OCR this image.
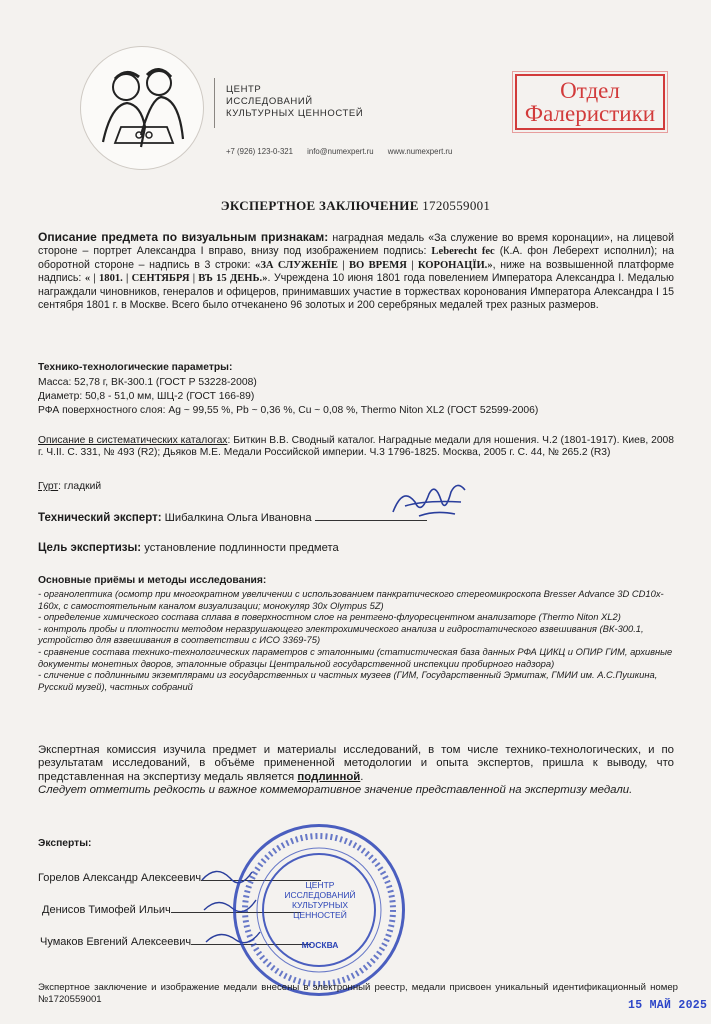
ЦЕНТР
ИССЛЕДОВАНИЙ
КУЛЬТУРНЫХ ЦЕННОСТЕЙ
+7 (926) 123-0-321 info@numexpert.ru www.numexpert.ru
Отдел
Фалеристики
ЭКСПЕРТНОЕ ЗАКЛЮЧЕНИЕ 1720559001
Описание предмета по визуальным признакам: наградная медаль «За служение во время коронации», на лицевой стороне – портрет Александра I вправо, внизу под изображением подпись: Leberecht fec (К.А. фон Леберехт исполнил); на оборотной стороне – надпись в 3 строки: «ЗА СЛУЖЕНЇЕ | ВО ВРЕМЯ | КОРОНАЦЇИ.», ниже на возвышенной платформе надпись: « | 1801. | СЕНТЯБРЯ | ВЪ 15 ДЕНЬ.». Учреждена 10 июня 1801 года повелением Императора Александра I. Медалью награждали чиновников, генералов и офицеров, принимавших участие в торжествах коронования Императора Александра I 15 сентября 1801 г. в Москве. Всего было отчеканено 96 золотых и 200 серебряных медалей трех разных размеров.
Технико-технологические параметры:
Масса: 52,78 г, ВК-300.1 (ГОСТ Р 53228-2008)
Диаметр: 50,8 - 51,0 мм, ШЦ-2 (ГОСТ 166-89)
РФА поверхностного слоя: Ag ~ 99,55 %, Pb ~ 0,36 %, Cu ~ 0,08 %, Thermo Niton XL2 (ГОСТ 52599-2006)
Описание в систематических каталогах: Биткин В.В. Сводный каталог. Наградные медали для ношения. Ч.2 (1801-1917). Киев, 2008 г. Ч.II. С. 331, № 493 (R2); Дьяков М.Е. Медали Российской империи. Ч.3 1796-1825. Москва, 2005 г. С. 44, № 265.2 (R3)
Гурт: гладкий
Технический эксперт: Шибалкина Ольга Ивановна
Цель экспертизы: установление подлинности предмета
Основные приёмы и методы исследования:
- органолептика (осмотр при многократном увеличении с использованием панкратического стереомикроскопа Bresser Advance 3D CD10x-160x, с самостоятельным каналом визуализации; монокуляр 30x Olympus 5Z)
- определение химического состава сплава в поверхностном слое на рентгено-флуоресцентном анализаторе (Thermo Niton XL2)
- контроль пробы и плотности методом неразрушающего электрохимического анализа и гидростатического взвешивания (ВК-300.1, устройство для взвешивания в соответствии с ИСО 3369-75)
- сравнение состава технико-технологических параметров с эталонными (статистическая база данных РФА ЦИКЦ и ОПИР ГИМ, архивные документы монетных дворов, эталонные образцы Центральной государственной инспекции пробирного надзора)
- сличение с подлинными экземплярами из государственных и частных музеев (ГИМ, Государственный Эрмитаж, ГМИИ им. А.С.Пушкина, Русский музей), частных собраний
Экспертная комиссия изучила предмет и материалы исследований, в том числе технико-технологических, и по результатам исследований, в объёме примененной методологии и опыта экспертов, пришла к выводу, что представленная на экспертизу медаль является подлинной.
Следует отметить редкость и важное коммеморативное значение представленной на экспертизу медали.
Эксперты:
Горелов Александр Алексеевич
Денисов Тимофей Ильич
Чумаков Евгений Алексеевич
ЦЕНТР
ИССЛЕДОВАНИЙ
КУЛЬТУРНЫХ
ЦЕННОСТЕЙ
МОСКВА
Экспертное заключение и изображение медали внесены в электронный реестр, медали присвоен уникальный идентификационный номер №1720559001	15 МАЙ 2025
